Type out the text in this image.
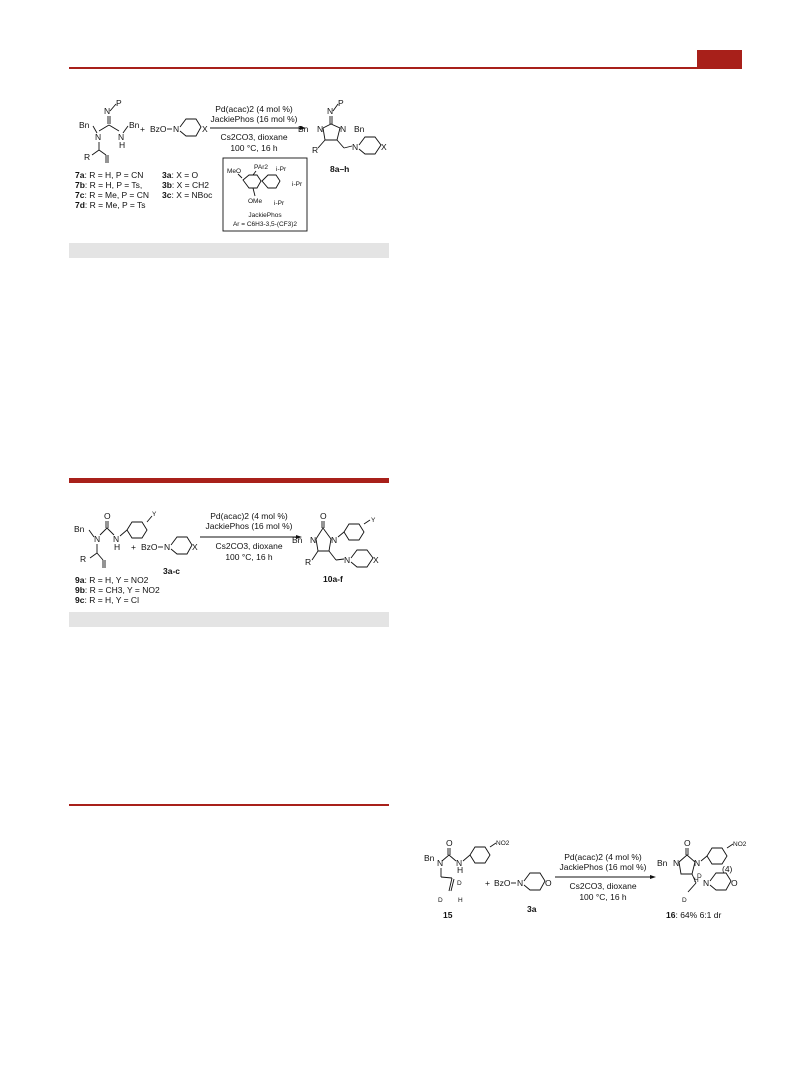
P
N
Bn	Bn
N N
H
R
+ BzO N	X
Pd(acac)2 (4 mol %)
JackiePhos (16 mol %)
Cs2CO3, dioxane
100 °C, 16 h
P
N
Bn	Bn
N N
R	N	X
8a–h
7a: R = H, P = CN
7b: R = H, P = Ts,
7c: R = Me, P = CN
7d: R = Me, P = Ts
3a: X = O
3b: X = CH2
3c: X = NBoc
MeO
PAr2 i-Pr
i-Pr
i-Pr
OMe
JackiePhos
Ar = C6H3-3,5-(CF3)2
O
Bn
N N
H
Y
R
+ BzO N	X
3a-c
Pd(acac)2 (4 mol %)
JackiePhos (16 mol %)
Cs2CO3, dioxane
100 °C, 16 h
O
Bn N N
Y
R	N	X
10a-f
9a: R = H, Y = NO2
9b: R = CH3, Y = NO2
9c: R = H, Y = Cl
O
Bn N N
H
NO2
D
D H
15
+ BzO N	O
3a
Pd(acac)2 (4 mol %)
JackiePhos (16 mol %)
Cs2CO3, dioxane
100 °C, 16 h
O
Bn N N
NO2
D
H
D
N	O
16: 64% 6:1 dr
(4)
